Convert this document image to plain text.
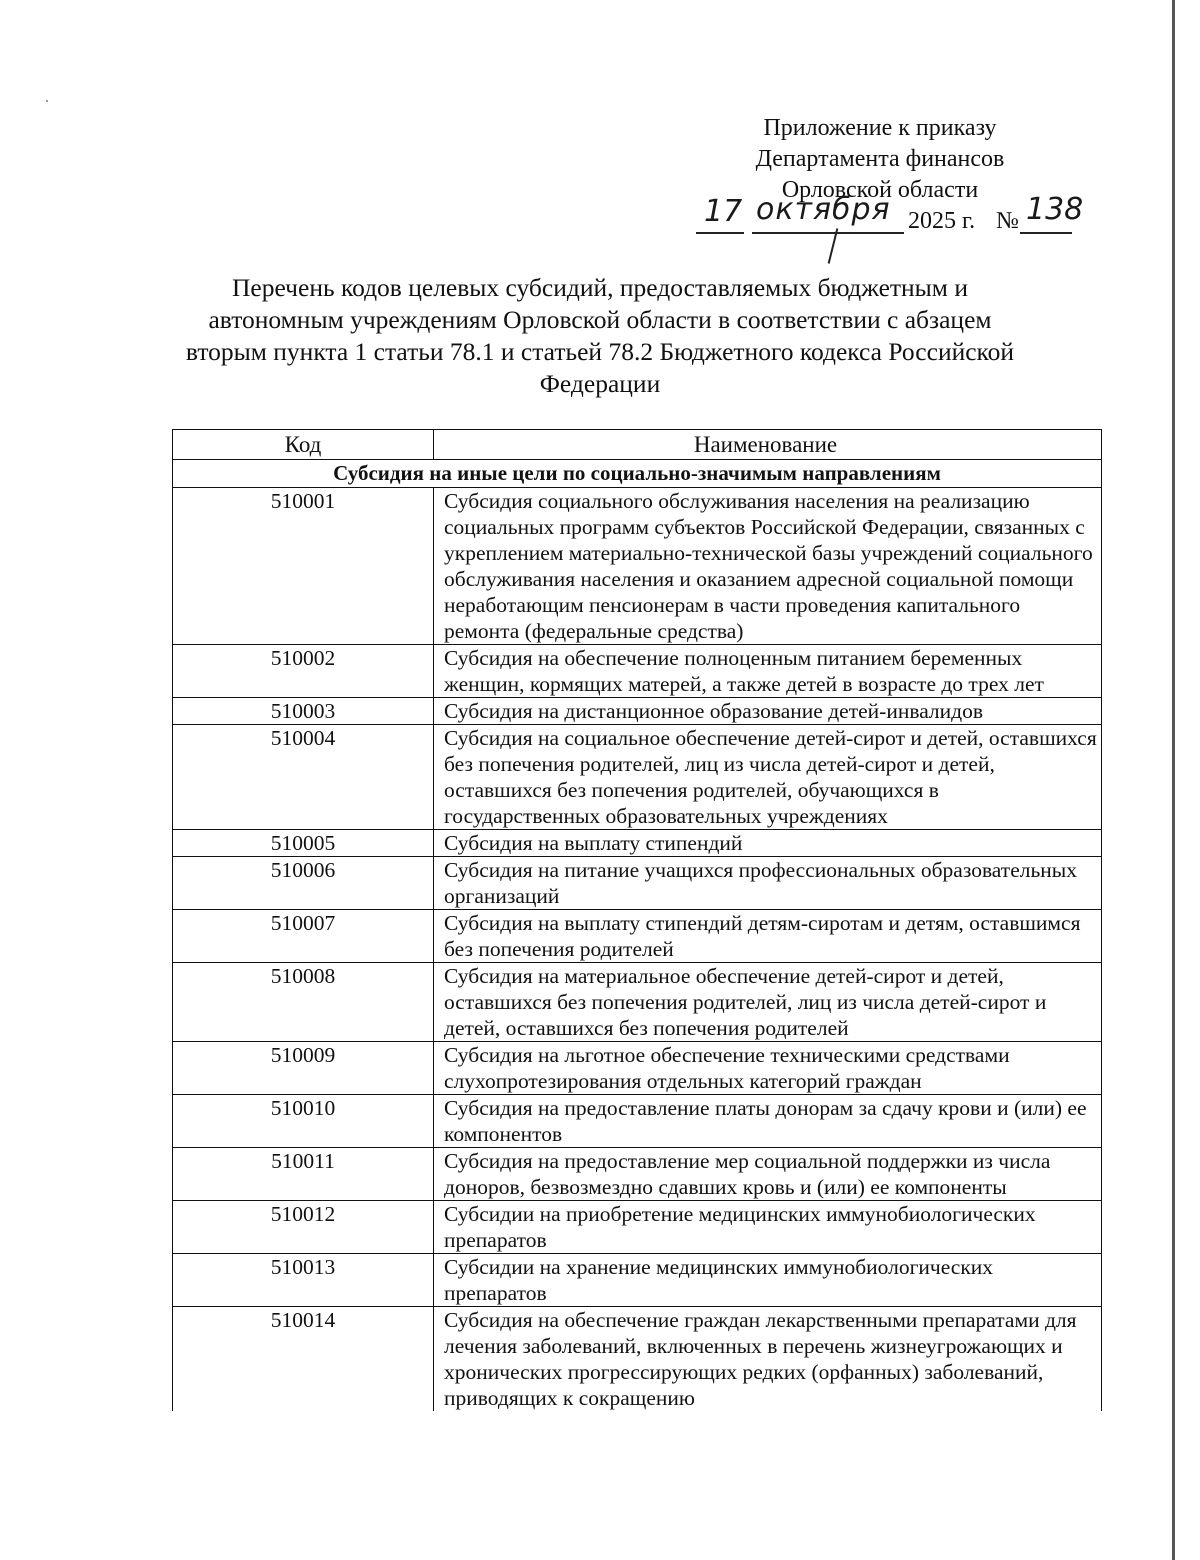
Приложение к приказу
Департамента финансов
Орловской области
17 октября 2025 г. № 138
Перечень кодов целевых субсидий, предоставляемых бюджетным и
автономным учреждениям Орловской области в соответствии с абзацем
вторым пункта 1 статьи 78.1 и статьей 78.2 Бюджетного кодекса Российской
Федерации
Код	Наименование
Субсидия на иные цели по социально-значимым направлениям	
510001	Субсидия социального обслуживания населения на реализацию социальных программ субъектов Российской Федерации, связанных с укреплением материально-технической базы учреждений социального обслуживания населения и оказанием адресной социальной помощи неработающим пенсионерам в части проведения капитального ремонта (федеральные средства)
510002	Субсидия на обеспечение полноценным питанием беременных женщин, кормящих матерей, а также детей в возрасте до трех лет
510003	Субсидия на дистанционное образование детей-инвалидов
510004	Субсидия на социальное обеспечение детей-сирот и детей, оставшихся без попечения родителей, лиц из числа детей-сирот и детей, оставшихся без попечения родителей, обучающихся в государственных образовательных учреждениях
510005	Субсидия на выплату стипендий
510006	Субсидия на питание учащихся профессиональных образовательных организаций
510007	Субсидия на выплату стипендий детям-сиротам и детям, оставшимся без попечения родителей
510008	Субсидия на материальное обеспечение детей-сирот и детей, оставшихся без попечения родителей, лиц из числа детей-сирот и детей, оставшихся без попечения родителей
510009	Субсидия на льготное обеспечение техническими средствами слухопротезирования отдельных категорий граждан
510010	Субсидия на предоставление платы донорам за сдачу крови и (или) ее компонентов
510011	Субсидия на предоставление мер социальной поддержки из числа доноров, безвозмездно сдавших кровь и (или) ее компоненты
510012	Субсидии на приобретение медицинских иммунобиологических препаратов
510013	Субсидии на хранение медицинских иммунобиологических препаратов
510014	Субсидия на обеспечение граждан лекарственными препаратами для лечения заболеваний, включенных в перечень жизнеугрожающих и хронических прогрессирующих редких (орфанных) заболеваний, приводящих к сокращению
